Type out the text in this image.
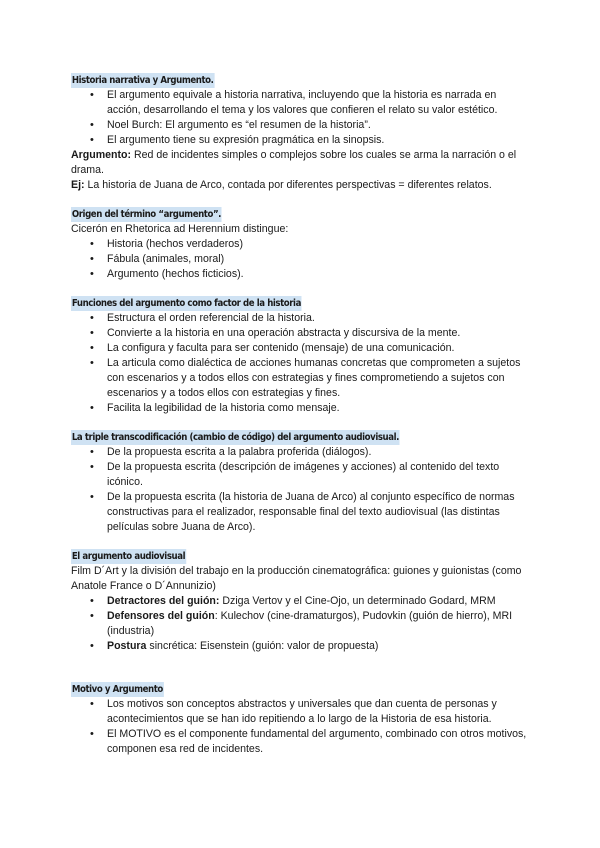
Historia narrativa y Argumento.
• El argumento equivale a historia narrativa, incluyendo que la historia es narrada en acción, desarrollando el tema y los valores que confieren el relato su valor estético.
• Noel Burch: El argumento es “el resumen de la historia”.
• El argumento tiene su expresión pragmática en la sinopsis.

Argumento: Red de incidentes simples o complejos sobre los cuales se arma la narración o el drama.

Ej: La historia de Juana de Arco, contada por diferentes perspectivas = diferentes relatos.

Origen del término “argumento”.

Cicerón en Rhetorica ad Herennium distingue:

• Historia (hechos verdaderos)
• Fábula (animales, moral)
• Argumento (hechos ficticios).
Funciones del argumento como factor de la historia
• Estructura el orden referencial de la historia.
• Convierte a la historia en una operación abstracta y discursiva de la mente.
• La configura y faculta para ser contenido (mensaje) de una comunicación.
• La articula como dialéctica de acciones humanas concretas que comprometen a sujetos con escenarios y a todos ellos con estrategias y fines comprometiendo a sujetos con escenarios y a todos ellos con estrategias y fines.
• Facilita la legibilidad de la historia como mensaje.
La triple transcodificación (cambio de código) del argumento audiovisual.
• De la propuesta escrita a la palabra proferida (diálogos).
• De la propuesta escrita (descripción de imágenes y acciones) al contenido del texto icónico.
• De la propuesta escrita (la historia de Juana de Arco) al conjunto específico de normas constructivas para el realizador, responsable final del texto audiovisual (las distintas películas sobre Juana de Arco).
El argumento audiovisual

Film D´Art y la división del trabajo en la producción cinematográfica: guiones y guionistas (como Anatole France o D´Annunizio)

• Detractores del guión: Dziga Vertov y el Cine-Ojo, un determinado Godard, MRM
• Defensores del guión: Kulechov (cine-dramaturgos), Pudovkin (guión de hierro), MRI (industria)
• Postura sincrética: Eisenstein (guión: valor de propuesta)
Motivo y Argumento
• Los motivos son conceptos abstractos y universales que dan cuenta de personas y acontecimientos que se han ido repitiendo a lo largo de la Historia de esa historia.
• El MOTIVO es el componente fundamental del argumento, combinado con otros motivos, componen esa red de incidentes.
